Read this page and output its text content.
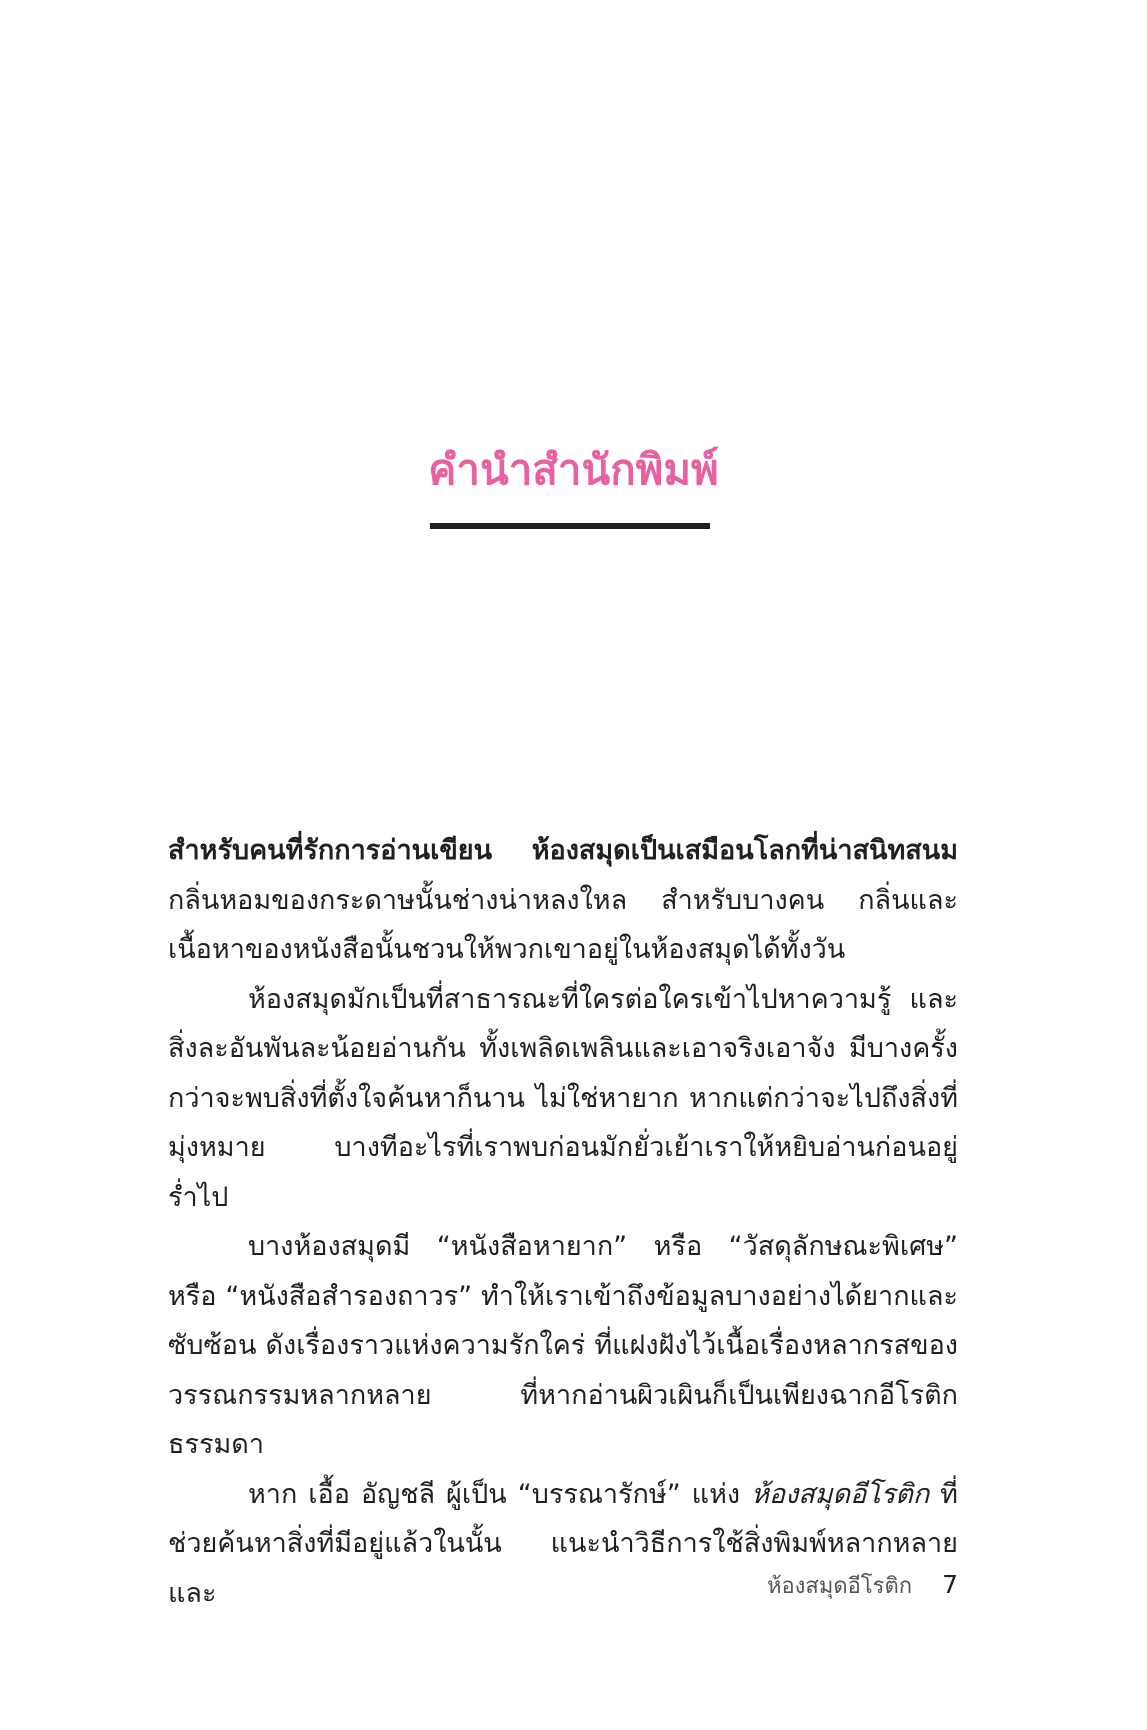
คำนำสำนักพิมพ์

สำหรับคนที่รักการอ่านเขียน ห้องสมุดเป็นเสมือนโลกที่น่าสนิทสนม กลิ่นหอมของกระดาษนั้นช่างน่าหลงใหล สำหรับบางคน กลิ่นและเนื้อหาของหนังสือนั้นชวนให้พวกเขาอยู่ในห้องสมุดได้ทั้งวัน

ห้องสมุดมักเป็นที่สาธารณะที่ใครต่อใครเข้าไปหาความรู้ และสิ่งละอันพันละน้อยอ่านกัน ทั้งเพลิดเพลินและเอาจริงเอาจัง มีบางครั้งกว่าจะพบสิ่งที่ตั้งใจค้นหาก็นาน ไม่ใช่หายาก หากแต่กว่าจะไปถึงสิ่งที่มุ่งหมาย บางทีอะไรที่เราพบก่อนมักยั่วเย้าเราให้หยิบอ่านก่อนอยู่ร่ำไป

บางห้องสมุดมี “หนังสือหายาก” หรือ “วัสดุลักษณะพิเศษ” หรือ “หนังสือสำรองถาวร” ทำให้เราเข้าถึงข้อมูลบางอย่างได้ยากและซับซ้อน ดังเรื่องราวแห่งความรักใคร่ ที่แฝงฝังไว้เนื้อเรื่องหลากรสของวรรณกรรมหลากหลาย ที่หากอ่านผิวเผินก็เป็นเพียงฉากอีโรติกธรรมดา

หาก เอื้อ อัญชลี ผู้เป็น “บรรณารักษ์” แห่ง ห้องสมุดอีโรติก ที่ช่วยค้นหาสิ่งที่มีอยู่แล้วในนั้น แนะนำวิธีการใช้สิ่งพิมพ์หลากหลายและ	ห้องสมุดอีโรติก 7
